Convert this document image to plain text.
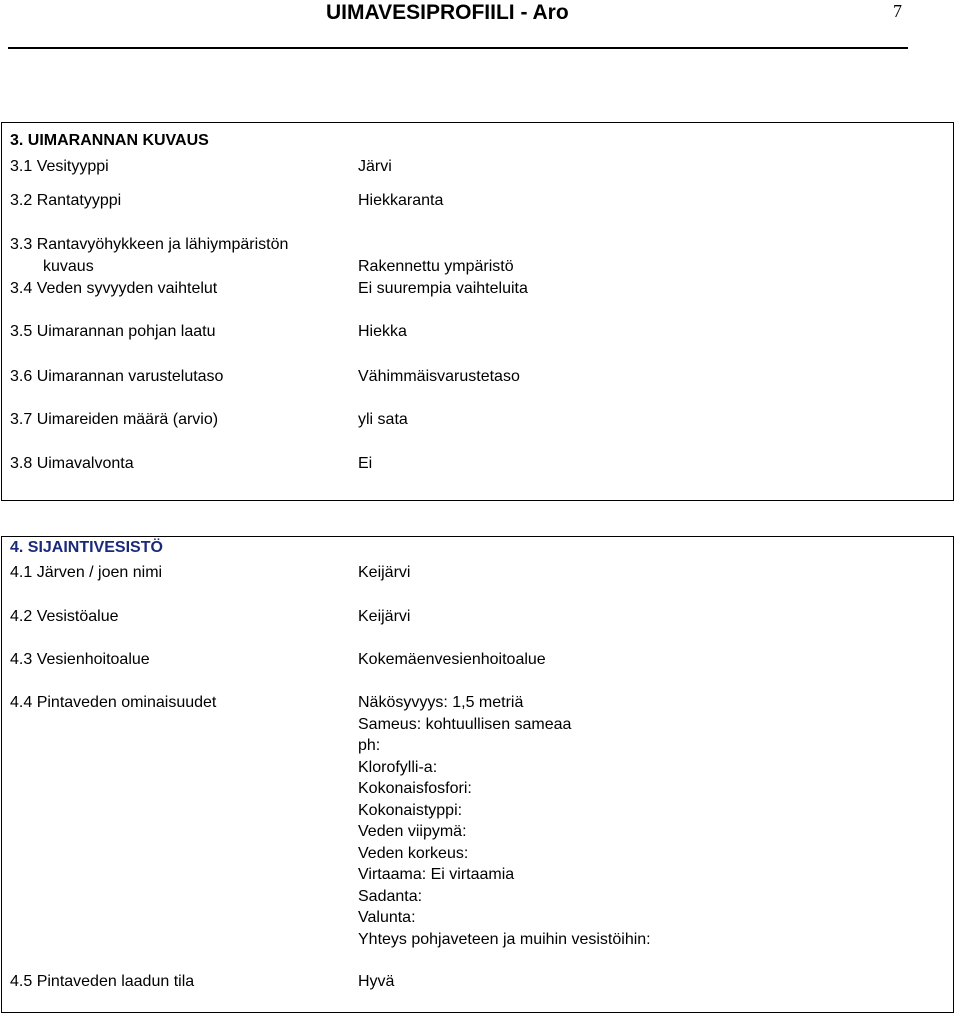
UIMAVESIPROFIILI - Aro	7
3. UIMARANNAN KUVAUS
3.1 Vesityyppi	Järvi
3.2 Rantatyyppi	Hiekkaranta
3.3 Rantavyöhykkeen ja lähiympäristön
kuvaus	Rakennettu ympäristö
3.4 Veden syvyyden vaihtelut	Ei suurempia vaihteluita
3.5 Uimarannan pohjan laatu	Hiekka
3.6 Uimarannan varustelutaso	Vähimmäisvarustetaso
3.7 Uimareiden määrä (arvio)	yli sata
3.8 Uimavalvonta	Ei
4. SIJAINTIVESISTÖ
4.1 Järven / joen nimi	Keijärvi
4.2 Vesistöalue	Keijärvi
4.3 Vesienhoitoalue	Kokemäenvesienhoitoalue
4.4 Pintaveden ominaisuudet	Näkösyvyys: 1,5 metriä
Sameus: kohtuullisen sameaa
ph:
Klorofylli-a:
Kokonaisfosfori:
Kokonaistyppi:
Veden viipymä:
Veden korkeus:
Virtaama: Ei virtaamia
Sadanta:
Valunta:
Yhteys pohjaveteen ja muihin vesistöihin:
4.5 Pintaveden laadun tila	Hyvä
